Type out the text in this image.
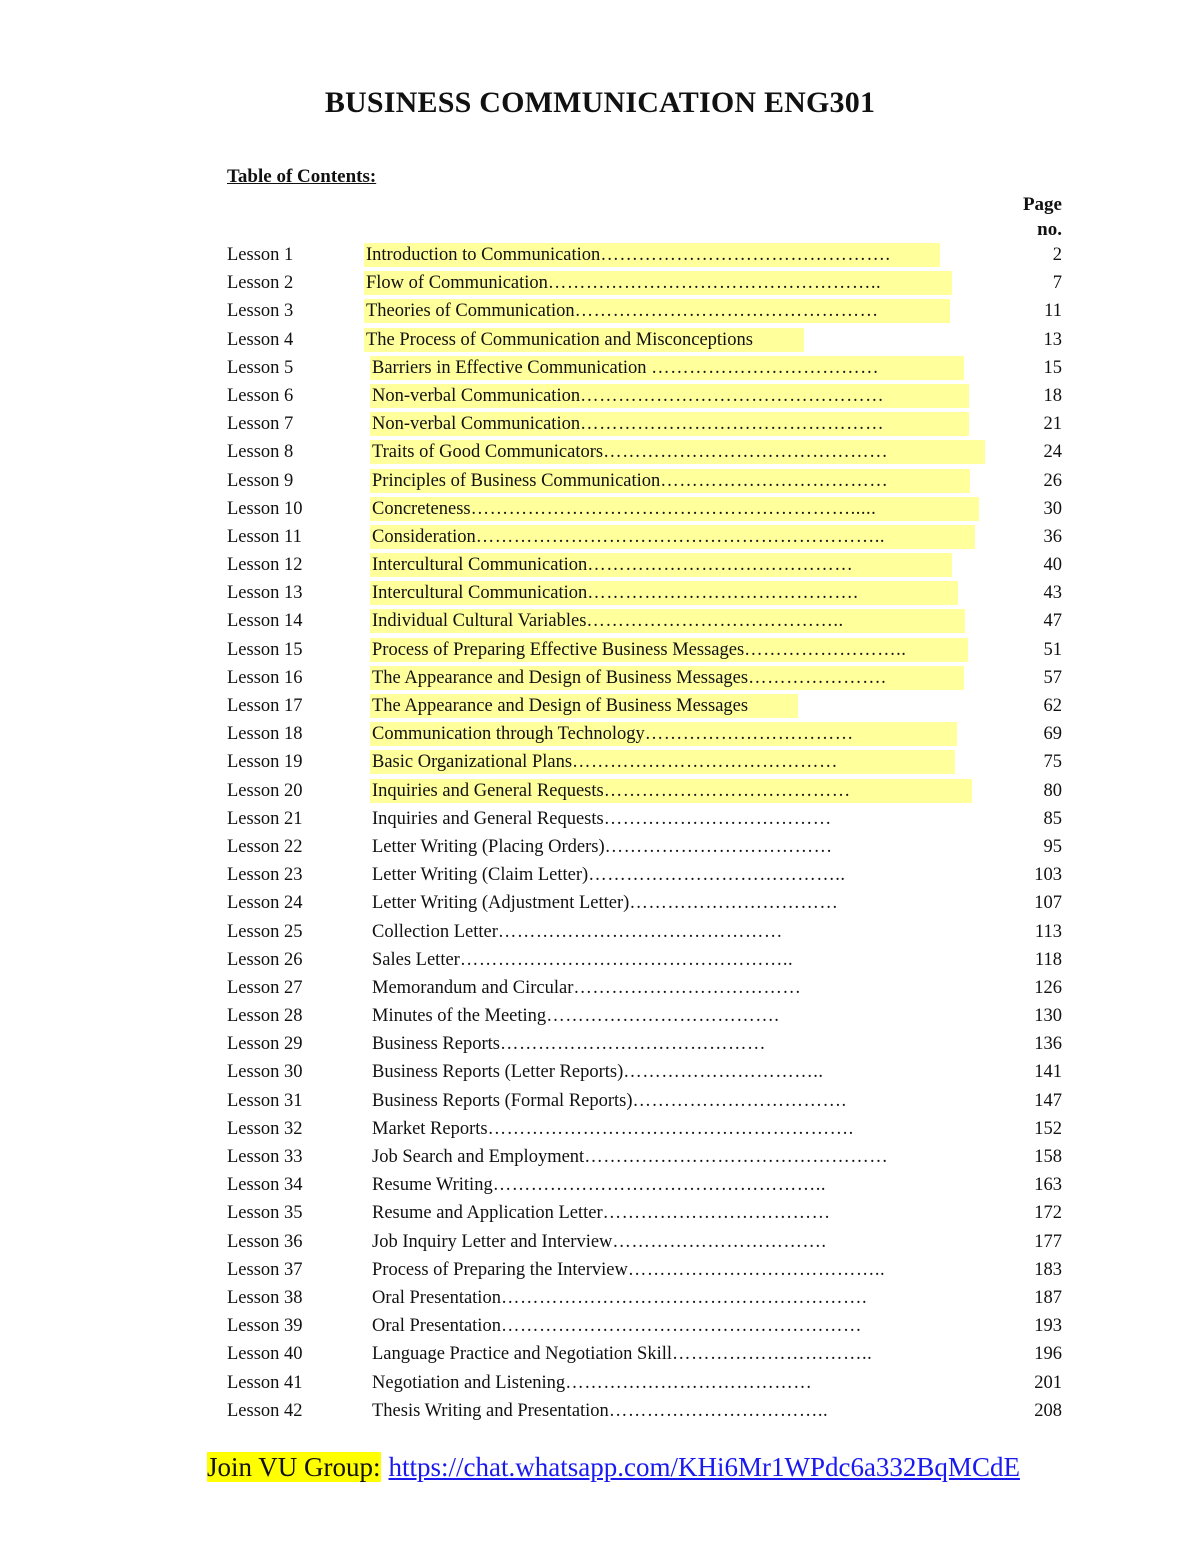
BUSINESS COMMUNICATION ENG301
Table of Contents:
Page
no.
Lesson 1	Introduction to Communication……………………………………….	2
Lesson 2	Flow of Communication……………………………………………..	7
Lesson 3	Theories of Communication…………………………………………	11
Lesson 4	The Process of Communication and Misconceptions	13
Lesson 5	Barriers in Effective Communication ………………………………	15
Lesson 6	Non-verbal Communication…………………………………………	18
Lesson 7	Non-verbal Communication…………………………………………	21
Lesson 8	Traits of Good Communicators………………………………………	24
Lesson 9	Principles of Business Communication………………………………	26
Lesson 10	Concreteness…………………………………………………….....	30
Lesson 11	Consideration………………………………………………………..	36
Lesson 12	Intercultural Communication……………………………………	40
Lesson 13	Intercultural Communication…………………………………….	43
Lesson 14	Individual Cultural Variables…………………………………..	47
Lesson 15	Process of Preparing Effective Business Messages……………………..	51
Lesson 16	The Appearance and Design of Business Messages………………….	57
Lesson 17	The Appearance and Design of Business Messages	62
Lesson 18	Communication through Technology……………………………	69
Lesson 19	Basic Organizational Plans……………………………………	75
Lesson 20	Inquiries and General Requests…………………………………	80
Lesson 21	Inquiries and General Requests………………………………	85
Lesson 22	Letter Writing (Placing Orders)………………………………	95
Lesson 23	Letter Writing (Claim Letter)…………………………………..	103
Lesson 24	Letter Writing (Adjustment Letter)……………………………	107
Lesson 25	Collection Letter………………………………………	113
Lesson 26	Sales Letter……………………………………………..	118
Lesson 27	Memorandum and Circular………………………………	126
Lesson 28	Minutes of the Meeting……………………………….	130
Lesson 29	Business Reports……………………………………	136
Lesson 30	Business Reports (Letter Reports)…………………………..	141
Lesson 31	Business Reports (Formal Reports)…………………………….	147
Lesson 32	Market Reports………………………………………………….	152
Lesson 33	Job Search and Employment…………………………………………	158
Lesson 34	Resume Writing……………………………………………..	163
Lesson 35	Resume and Application Letter………………………………	172
Lesson 36	Job Inquiry Letter and Interview…………………………….	177
Lesson 37	Process of Preparing the Interview…………………………………..	183
Lesson 38	Oral Presentation………………………………………………….	187
Lesson 39	Oral Presentation…………………………………………………	193
Lesson 40	Language Practice and Negotiation Skill…………………………..	196
Lesson 41	Negotiation and Listening…………………………………	201
Lesson 42	Thesis Writing and Presentation……………………………..	208
Join VU Group: https://chat.whatsapp.com/KHi6Mr1WPdc6a332BqMCdE
